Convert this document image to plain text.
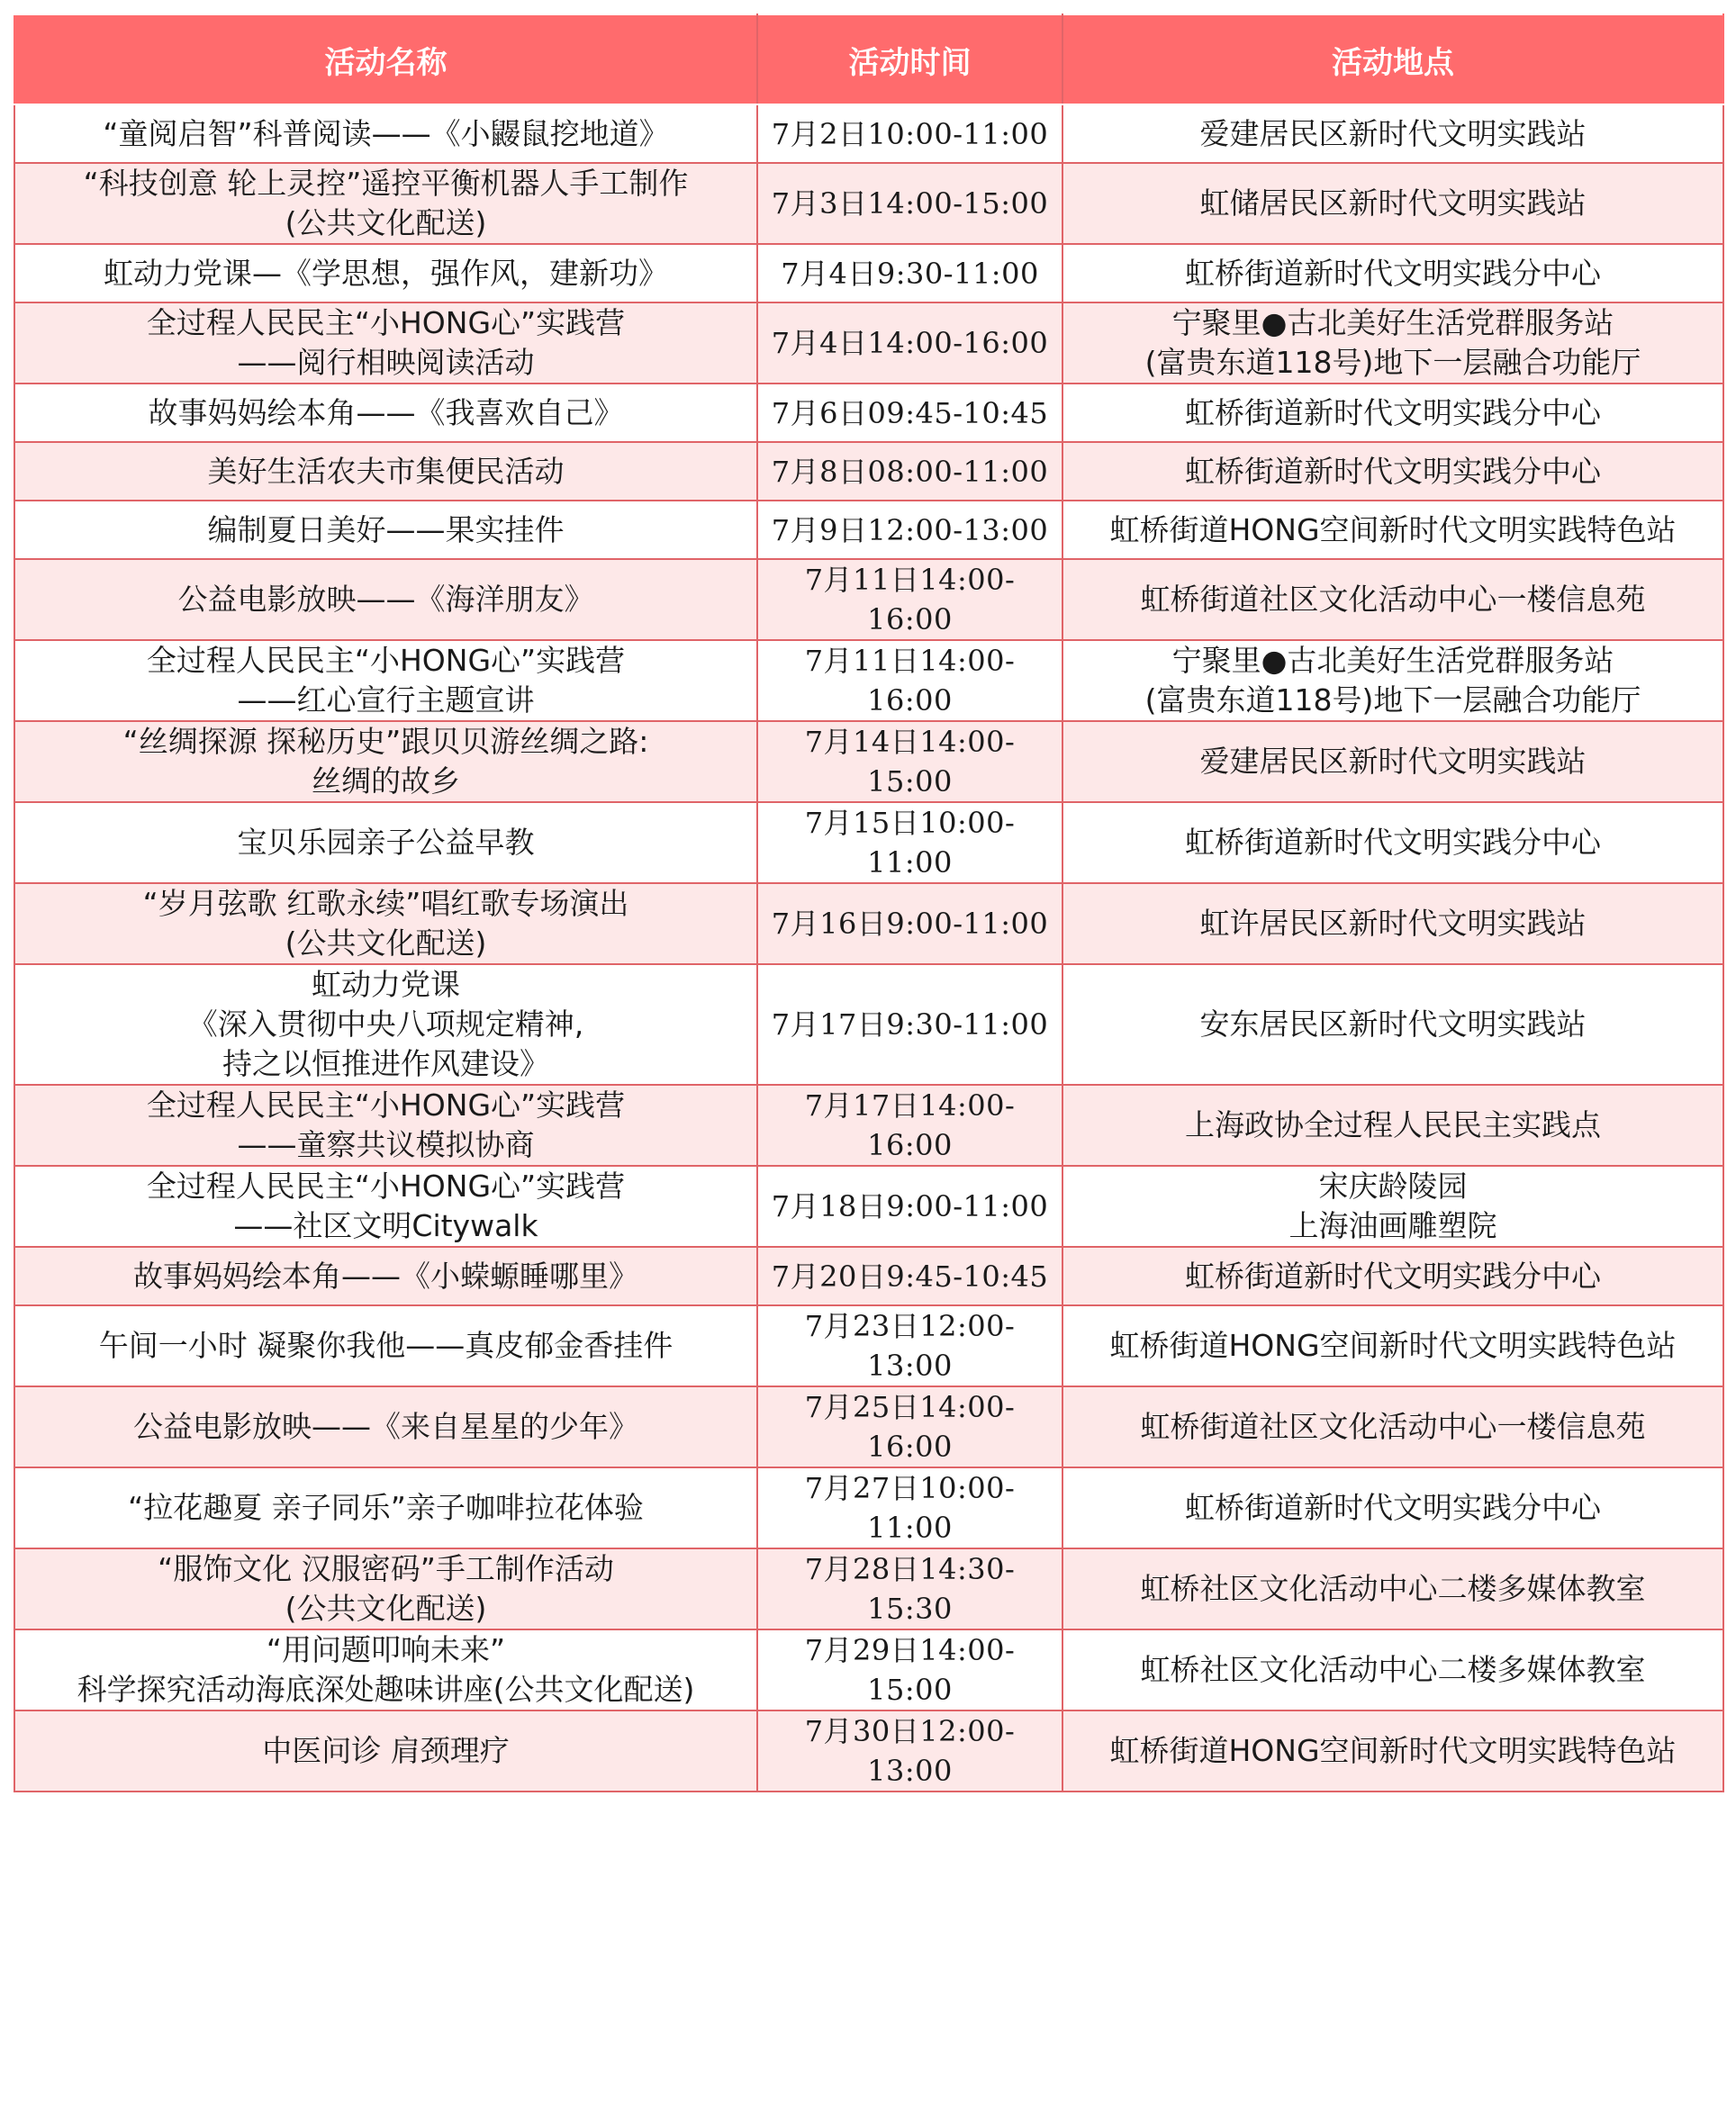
活动名称	活动时间	活动地点

“童阅启智”科普阅读——《小鼹鼠挖地道》	7月2日10:00-11:00	爱建居民区新时代文明实践站

“科技创意 轮上灵控”遥控平衡机器人手工制作
(公共文化配送)	7月3日14:00-15:00	虹储居民区新时代文明实践站

虹动力党课—《学思想，强作风，建新功》	7月4日9:30-11:00	虹桥街道新时代文明实践分中心

全过程人民民主“小HONG心”实践营
——阅行相映阅读活动	7月4日14:00-16:00	宁聚里●古北美好生活党群服务站
(富贵东道118号)地下一层融合功能厅

故事妈妈绘本角——《我喜欢自己》	7月6日09:45-10:45	虹桥街道新时代文明实践分中心

美好生活农夫市集便民活动	7月8日08:00-11:00	虹桥街道新时代文明实践分中心

编制夏日美好——果实挂件	7月9日12:00-13:00	虹桥街道HONG空间新时代文明实践特色站

公益电影放映——《海洋朋友》	7月11日14:00-16:00	虹桥街道社区文化活动中心一楼信息苑

全过程人民民主“小HONG心”实践营
——红心宣行主题宣讲	7月11日14:00-16:00	宁聚里●古北美好生活党群服务站
(富贵东道118号)地下一层融合功能厅

“丝绸探源 探秘历史”跟贝贝游丝绸之路:
丝绸的故乡	7月14日14:00-15:00	爱建居民区新时代文明实践站

宝贝乐园亲子公益早教	7月15日10:00-11:00	虹桥街道新时代文明实践分中心

“岁月弦歌 红歌永续”唱红歌专场演出
(公共文化配送)	7月16日9:00-11:00	虹许居民区新时代文明实践站

虹动力党课
《深入贯彻中央八项规定精神,
持之以恒推进作风建设》	7月17日9:30-11:00	安东居民区新时代文明实践站

全过程人民民主“小HONG心”实践营
——童察共议模拟协商	7月17日14:00-16:00	上海政协全过程人民民主实践点

全过程人民民主“小HONG心”实践营
——社区文明Citywalk	7月18日9:00-11:00	宋庆龄陵园
上海油画雕塑院

故事妈妈绘本角——《小蝾螈睡哪里》	7月20日9:45-10:45	虹桥街道新时代文明实践分中心

午间一小时 凝聚你我他——真皮郁金香挂件	7月23日12:00-13:00	虹桥街道HONG空间新时代文明实践特色站

公益电影放映——《来自星星的少年》	7月25日14:00-16:00	虹桥街道社区文化活动中心一楼信息苑

“拉花趣夏 亲子同乐”亲子咖啡拉花体验	7月27日10:00-11:00	虹桥街道新时代文明实践分中心

“服饰文化 汉服密码”手工制作活动
(公共文化配送)	7月28日14:30-15:30	虹桥社区文化活动中心二楼多媒体教室

“用问题叩响未来”
科学探究活动海底深处趣味讲座(公共文化配送)	7月29日14:00-15:00	虹桥社区文化活动中心二楼多媒体教室

中医问诊 肩颈理疗	7月30日12:00-13:00	虹桥街道HONG空间新时代文明实践特色站
